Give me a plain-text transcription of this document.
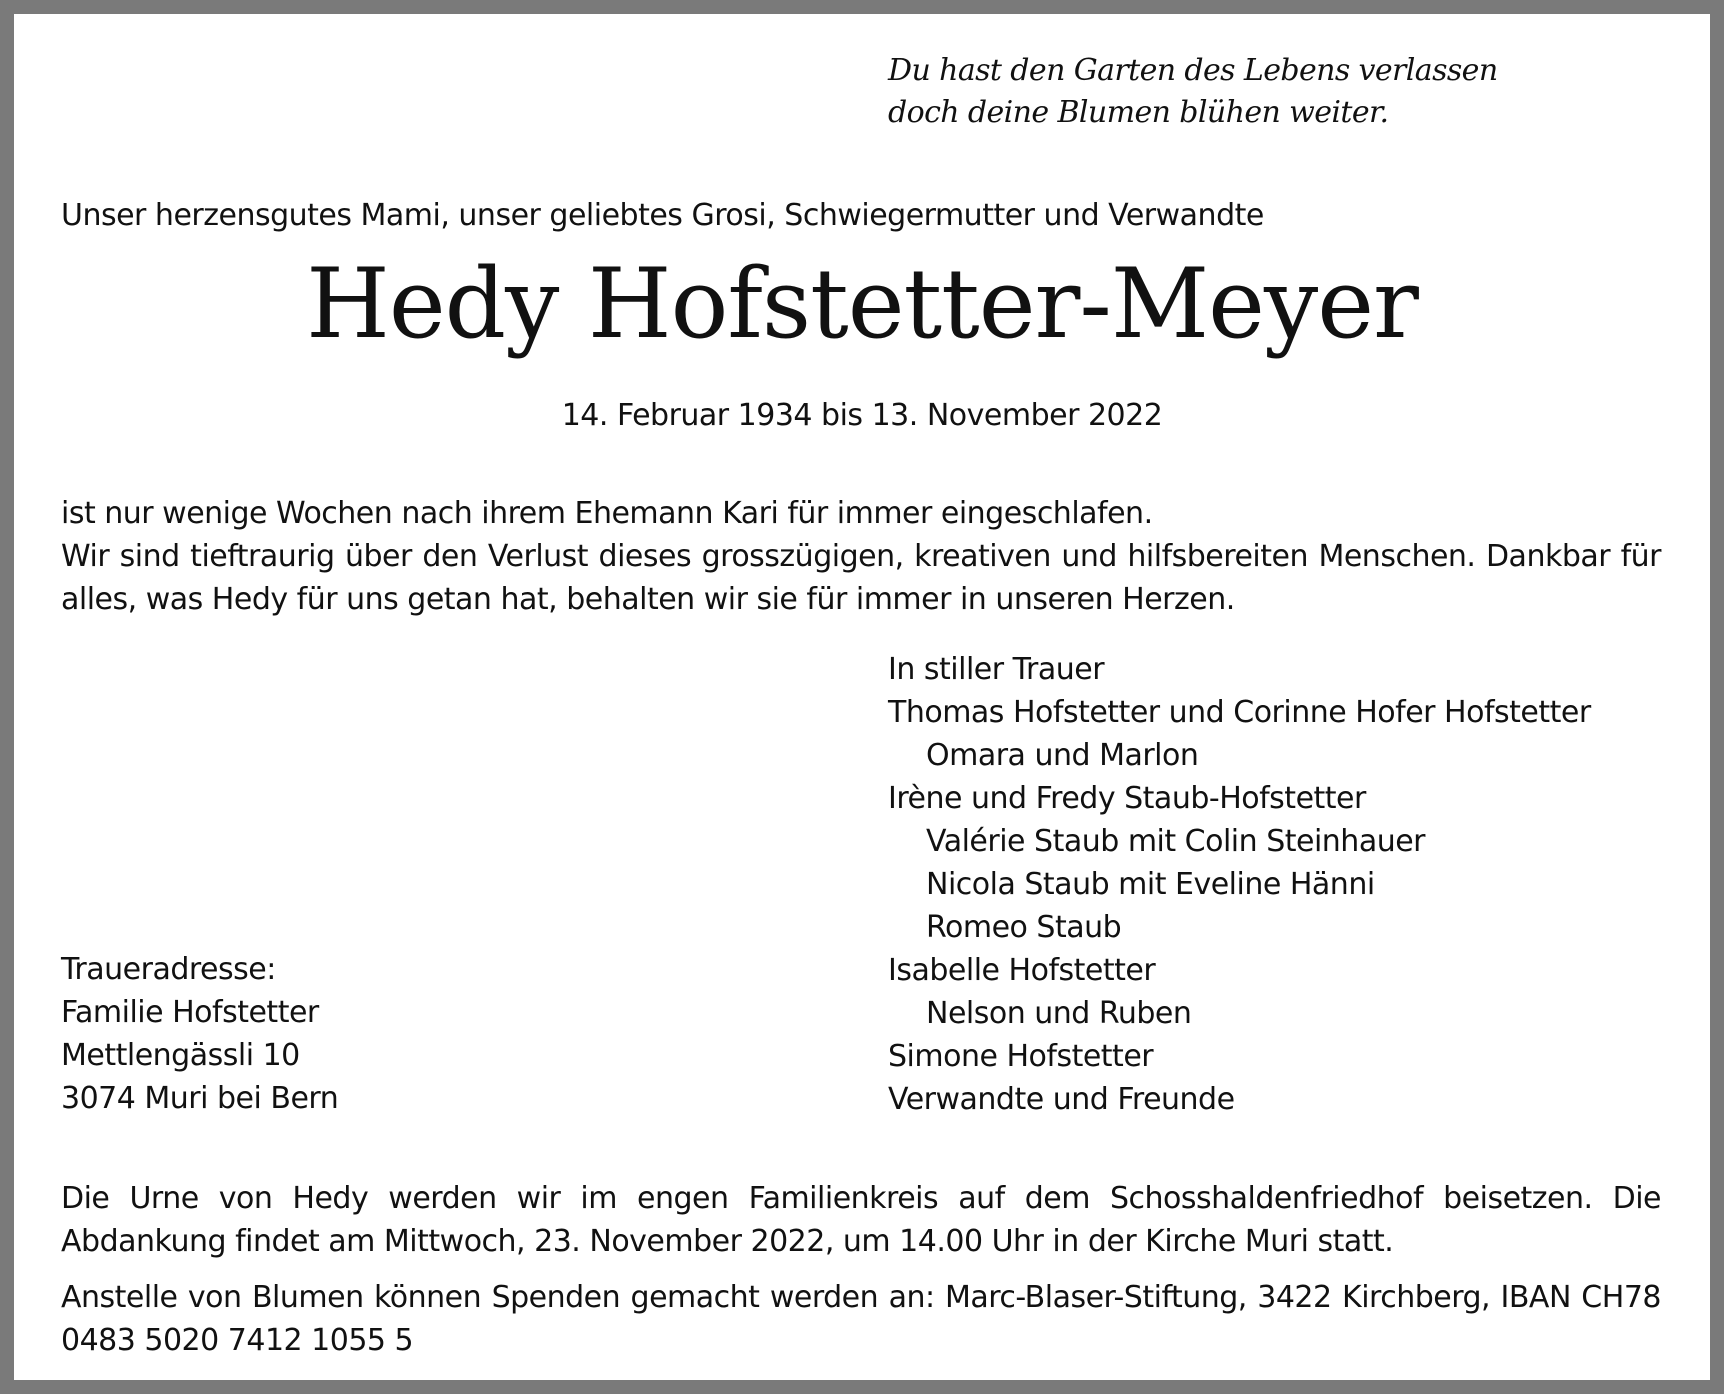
Du hast den Garten des Lebens verlassen
doch deine Blumen blühen weiter.
Unser herzensgutes Mami, unser geliebtes Grosi, Schwiegermutter und Verwandte
Hedy Hofstetter-Meyer
14. Februar 1934 bis 13. November 2022
ist nur wenige Wochen nach ihrem Ehemann Kari für immer eingeschlafen.
Wir sind tieftraurig über den Verlust dieses grosszügigen, kreativen und hilfsbereiten Menschen. Dankbar für alles, was Hedy für uns getan hat, behalten wir sie für immer in unseren Herzen.
In stiller Trauer
Thomas Hofstetter und Corinne Hofer Hofstetter
Omara und Marlon
Irène und Fredy Staub-Hofstetter
Valérie Staub mit Colin Steinhauer
Nicola Staub mit Eveline Hänni
Romeo Staub
Isabelle Hofstetter
Nelson und Ruben
Simone Hofstetter
Verwandte und Freunde
Traueradresse:
Familie Hofstetter
Mettlengässli 10
3074 Muri bei Bern
Die Urne von Hedy werden wir im engen Familienkreis auf dem Schosshaldenfriedhof beisetzen. Die Abdankung findet am Mittwoch, 23. November 2022, um 14.00 Uhr in der Kirche Muri statt.
Anstelle von Blumen können Spenden gemacht werden an: Marc-Blaser-Stiftung, 3422 Kirchberg, IBAN CH78 0483 5020 7412 1055 5
